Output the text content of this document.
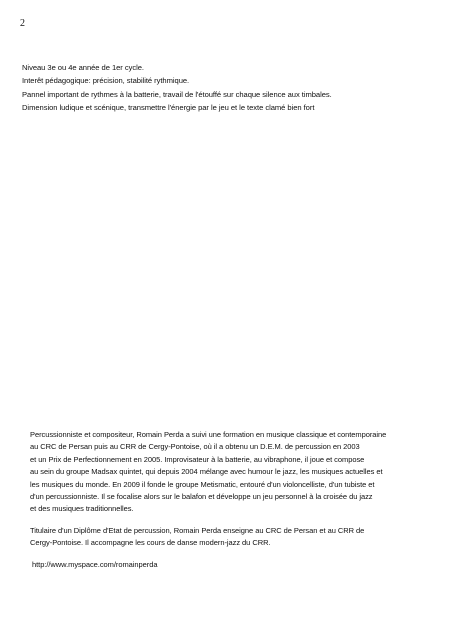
2
Niveau 3e ou 4e année de 1er cycle.
Interêt pédagogique: précision, stabilité rythmique.
Pannel important de rythmes à la batterie, travail de l'étouffé sur chaque silence aux timbales.
Dimension ludique et scénique, transmettre l'énergie par le jeu et le texte clamé bien fort
Percussionniste et compositeur, Romain Perda a suivi une formation en musique classique et contemporaine
au CRC de Persan puis au CRR de Cergy-Pontoise, où il a obtenu un D.E.M. de percussion en 2003
et un Prix de Perfectionnement en 2005. Improvisateur à la batterie, au vibraphone, il joue et compose
au sein du groupe Madsax quintet, qui depuis 2004 mélange avec humour le jazz, les musiques actuelles et
les musiques du monde. En 2009 il fonde le groupe Metismatic, entouré d'un violoncelliste, d'un tubiste et
d'un percussionniste. Il se focalise alors sur le balafon et développe un jeu personnel à la croisée du jazz
et des musiques traditionnelles.
Titulaire d'un Diplôme d'Etat de percussion, Romain Perda enseigne au CRC de Persan et au CRR de
Cergy-Pontoise. Il accompagne les cours de danse modern-jazz du CRR.
http://www.myspace.com/romainperda
